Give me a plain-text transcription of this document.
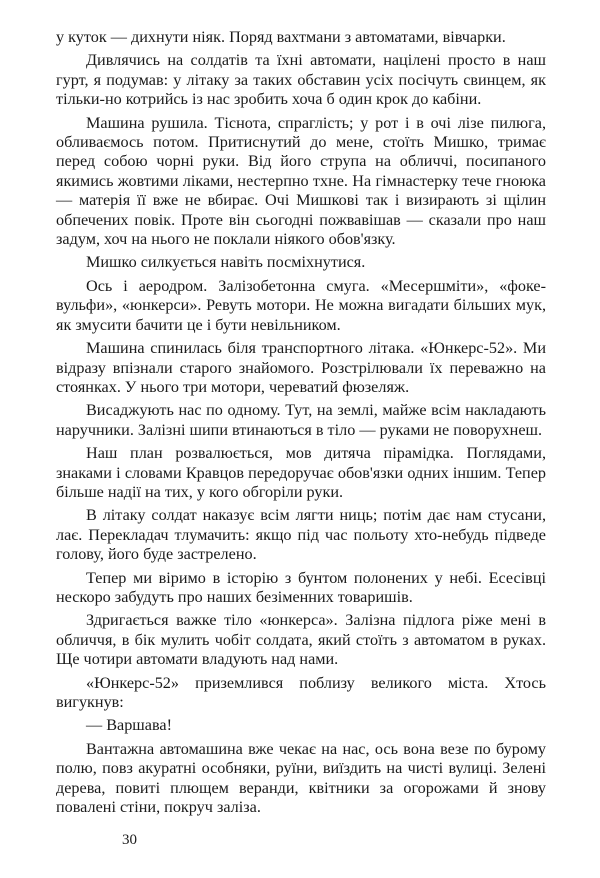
у куток — дихнути ніяк. Поряд вахтмани з автоматами, вівчарки.

Дивлячись на солдатів та їхні автомати, націлені просто в наш гурт, я подумав: у літаку за таких обставин усіх посічуть свинцем, як тільки-но котрийсь із нас зробить хоча б один крок до кабіни.

Машина рушила. Тіснота, спраглість; у рот і в очі лізе пилюга, обливаємось потом. Притиснутий до мене, стоїть Мишко, тримає перед собою чорні руки. Від його струпа на обличчі, посипаного якимись жовтими ліками, нестерпно тхне. На гімнастерку тече гноюка — матерія її вже не вбирає. Очі Мишкові так і визирають зі щілин обпечених повік. Проте він сьогодні пожвавішав — сказали про наш задум, хоч на нього не поклали ніякого обов'язку.

Мишко силкується навіть посміхнутися.

Ось і аеродром. Залізобетонна смуга. «Месершміти», «фоке-вульфи», «юнкерси». Ревуть мотори. Не можна вигадати більших мук, як змусити бачити це і бути невільником.

Машина спинилась біля транспортного літака. «Юнкерс-52». Ми відразу впізнали старого знайомого. Розстрілювали їх переважно на стоянках. У нього три мотори, череватий фюзеляж.

Висаджують нас по одному. Тут, на землі, майже всім накладають наручники. Залізні шипи втинаються в тіло — руками не поворухнеш.

Наш план розвалюється, мов дитяча пірамідка. Поглядами, знаками і словами Кравцов передоручає обов'язки одних іншим. Тепер більше надії на тих, у кого обгоріли руки.

В літаку солдат наказує всім лягти ниць; потім дає нам стусани, лає. Перекладач тлумачить: якщо під час польоту хто-небудь підведе голову, його буде застрелено.

Тепер ми віримо в історію з бунтом полонених у небі. Есесівці нескоро забудуть про наших безіменних товаришів.

Здригається важке тіло «юнкерса». Залізна підлога ріже мені в обличчя, в бік мулить чобіт солдата, який стоїть з автоматом в руках. Ще чотири автомати владують над нами.

«Юнкерс-52» приземлився поблизу великого міста. Хтось вигукнув:

— Варшава!

Вантажна автомашина вже чекає на нас, ось вона везе по бурому полю, повз акуратні особняки, руїни, виїздить на чисті вулиці. Зелені дерева, повиті плющем веранди, квітники за огорожами й знову повалені стіни, покруч заліза.

30
